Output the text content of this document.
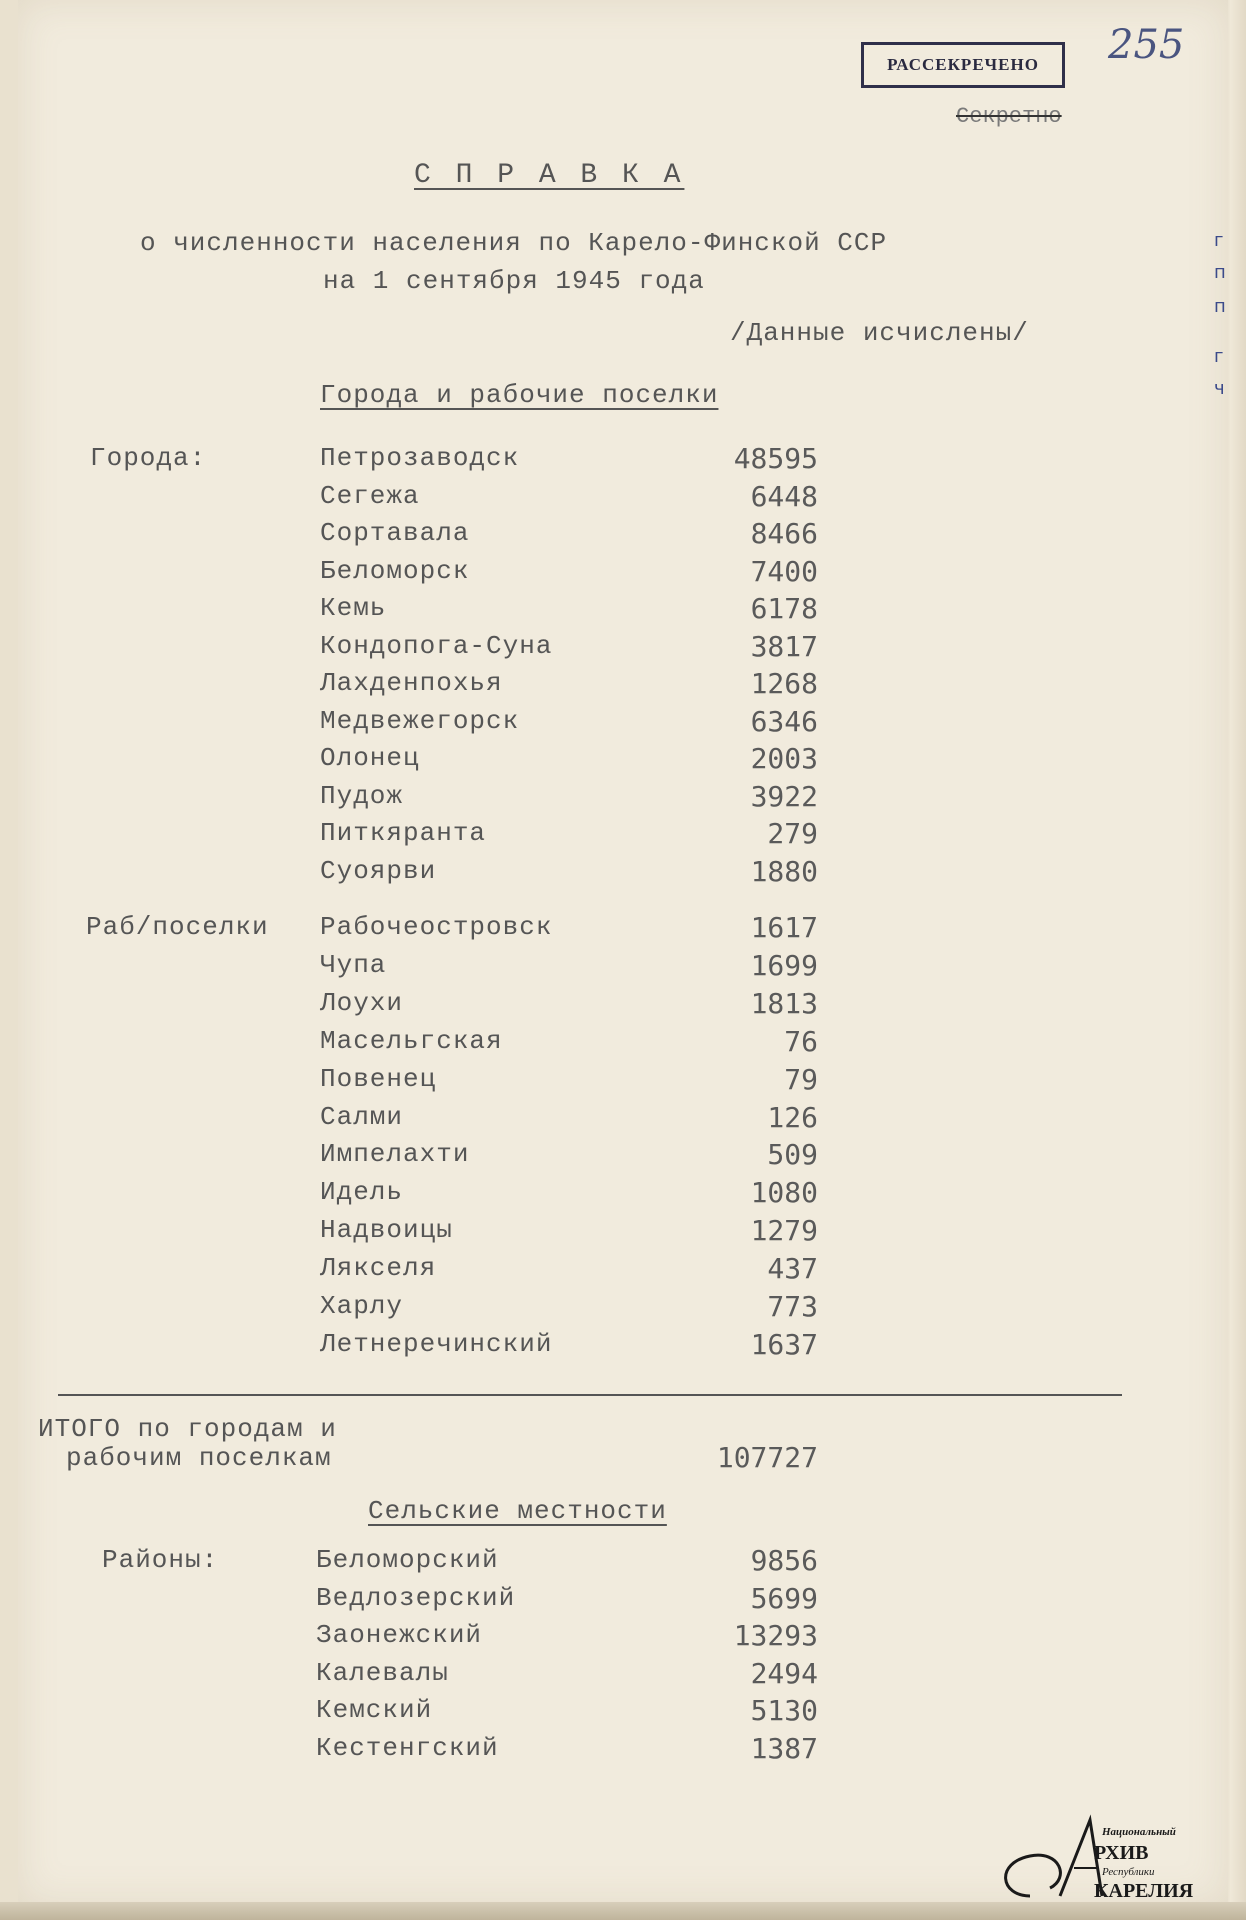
РАССЕКРЕЧЕНО
Секретно
255
С П Р А В К А
о численности населения по Карело-Финской ССР
на 1 сентября 1945 года
/Данные исчислены/
Города и рабочие поселки
Города:	Петрозаводск	48595
Сегежа	6448
Сортавала	8466
Беломорск	7400
Кемь	6178
Кондопога-Суна	3817
Лахденпохья	1268
Медвежегорск	6346
Олонец	2003
Пудож	3922
Питкяранта	279
Суоярви	1880
Раб/поселки Рабочеостровск	1617
Чупа	1699
Лоухи	1813
Масельгская	76
Повенец	79
Салми	126
Импелахти	509
Идель	1080
Надвоицы	1279
Лякселя	437
Харлу	773
Летнеречинский	1637
ИТОГО по городам и
рабочим поселкам	107727
Сельские местности
Районы:	Беломорский	9856
Ведлозерский	5699
Заонежский	13293
Калевалы	2494
Кемский	5130
Кестенгский	1387
г
п
п
г
ч
Национальный
РХИВ
Республики
КАРЕЛИЯ
